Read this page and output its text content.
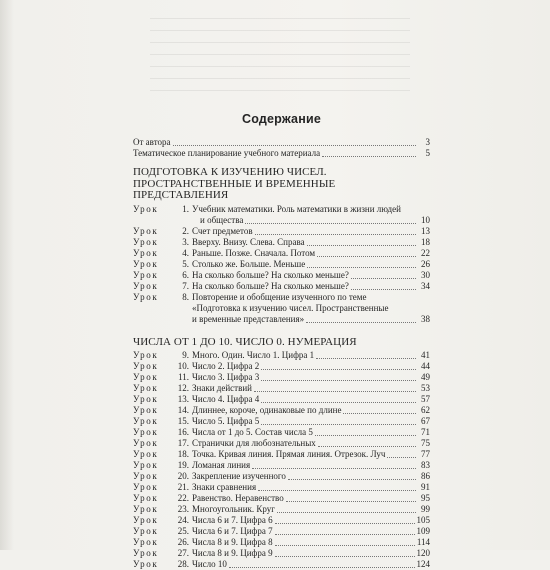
Содержание
От автора	3
Тематическое планирование учебного материала	5
ПОДГОТОВКА К ИЗУЧЕНИЮ ЧИСЕЛ. ПРОСТРАНСТВЕННЫЕ И ВРЕМЕННЫЕ ПРЕДСТАВЛЕНИЯ
Урок	1. Учебник математики. Роль математики в жизни людей
и общества	10
Урок	2. Счет предметов	13
Урок	3. Вверху. Внизу. Слева. Справа	18
Урок	4. Раньше. Позже. Сначала. Потом	22
Урок	5. Столько же. Больше. Меньше	26
Урок	6. На сколько больше? На сколько меньше?	30
Урок	7. На сколько больше? На сколько меньше?	34
Урок	8. Повторение и обобщение изученного по теме
«Подготовка к изучению чисел. Пространственные
и временные представления»	38
ЧИСЛА ОТ 1 ДО 10. ЧИСЛО 0. НУМЕРАЦИЯ
Урок	9. Много. Один. Число 1. Цифра 1	41
Урок	10. Число 2. Цифра 2	44
Урок	11. Число 3. Цифра 3	49
Урок	12. Знаки действий	53
Урок	13. Число 4. Цифра 4	57
Урок	14. Длиннее, короче, одинаковые по длине	62
Урок	15. Число 5. Цифра 5	67
Урок	16. Числа от 1 до 5. Состав числа 5	71
Урок	17. Странички для любознательных	75
Урок	18. Точка. Кривая линия. Прямая линия. Отрезок. Луч	77
Урок	19. Ломаная линия	83
Урок	20. Закрепление изученного	86
Урок	21. Знаки сравнения	91
Урок	22. Равенство. Неравенство	95
Урок	23. Многоугольник. Круг	99
Урок	24. Числа 6 и 7. Цифра 6	105
Урок	25. Числа 6 и 7. Цифра 7	109
Урок	26. Числа 8 и 9. Цифра 8	114
Урок	27. Числа 8 и 9. Цифра 9	120
Урок	28. Число 10	124
